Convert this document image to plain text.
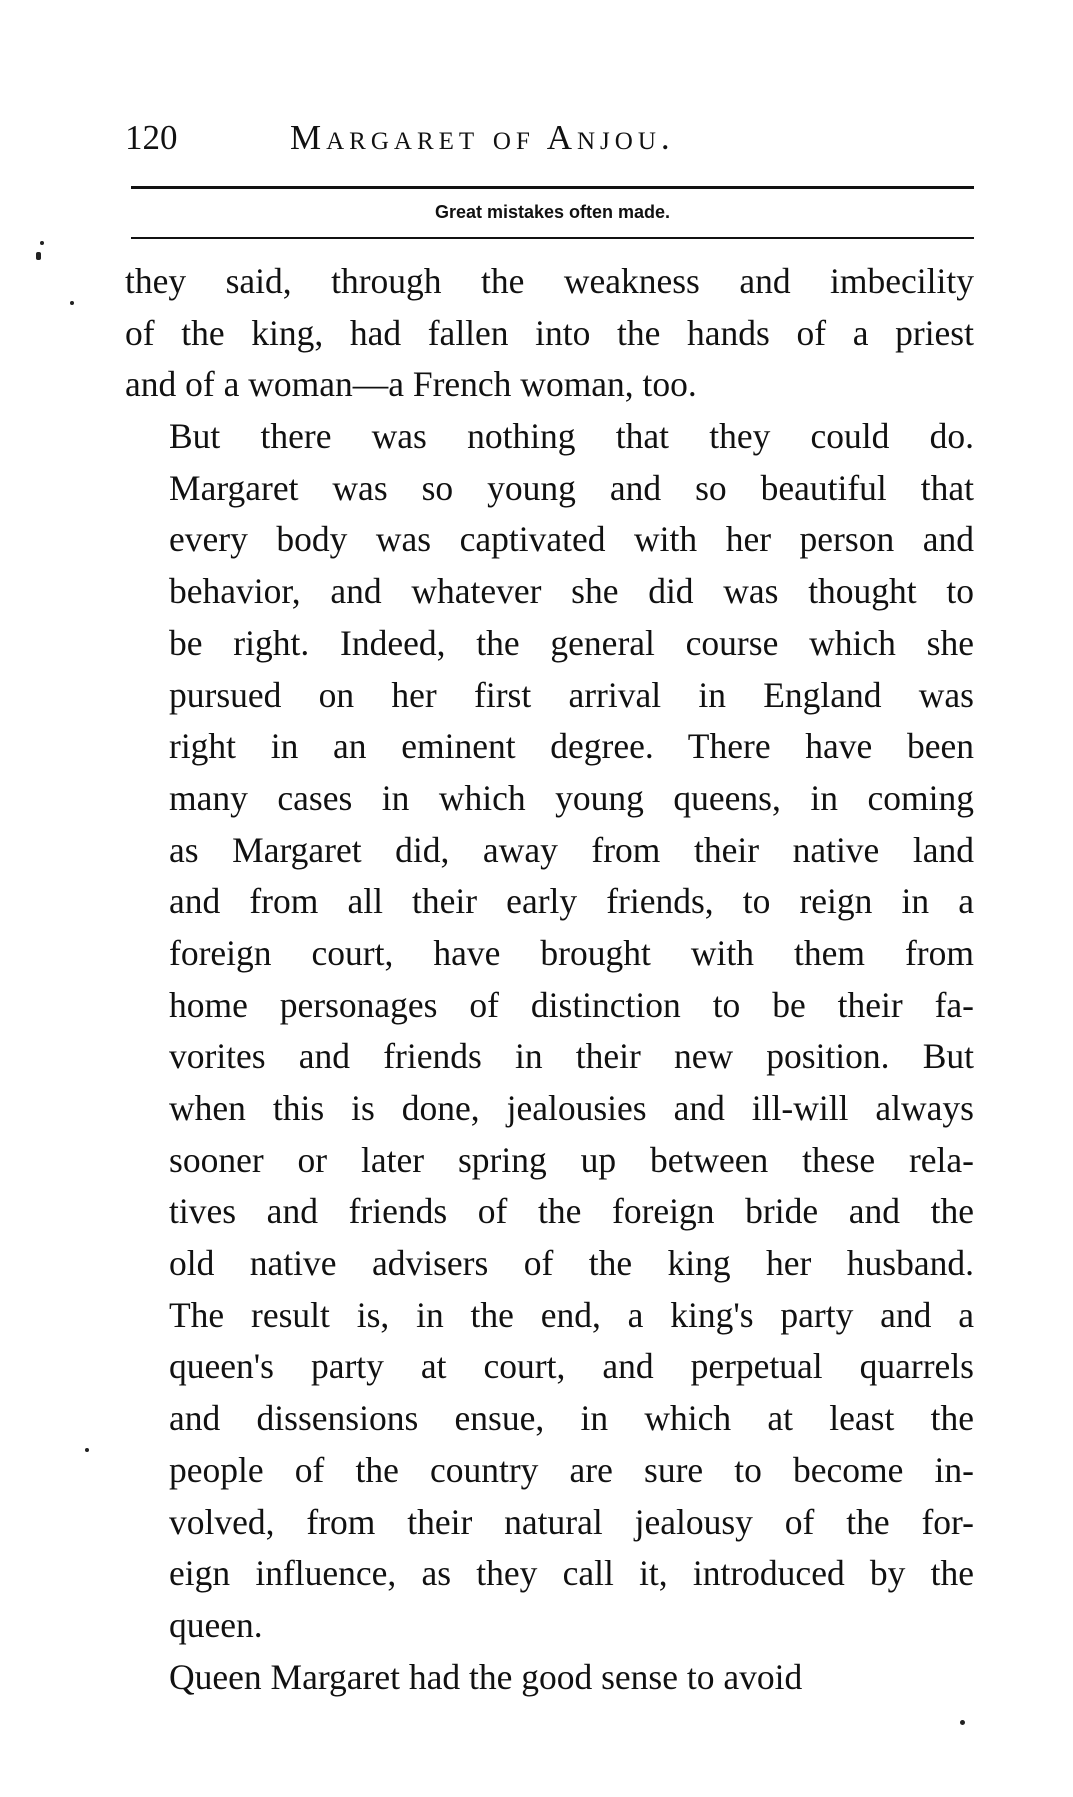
120	Margaret of Anjou.
Great mistakes often made.

they said, through the weakness and imbecility
of the king, had fallen into the hands of a priest
and of a woman—a French woman, too.

But there was nothing that they could do.
Margaret was so young and so beautiful that
every body was captivated with her person and
behavior, and whatever she did was thought to
be right. Indeed, the general course which she
pursued on her first arrival in England was
right in an eminent degree. There have been
many cases in which young queens, in coming
as Margaret did, away from their native land
and from all their early friends, to reign in a
foreign court, have brought with them from
home personages of distinction to be their fa-
vorites and friends in their new position. But
when this is done, jealousies and ill-will always
sooner or later spring up between these rela-
tives and friends of the foreign bride and the
old native advisers of the king her husband.
The result is, in the end, a king's party and a
queen's party at court, and perpetual quarrels
and dissensions ensue, in which at least the
people of the country are sure to become in-
volved, from their natural jealousy of the for-
eign influence, as they call it, introduced by the
queen.

Queen Margaret had the good sense to avoid
